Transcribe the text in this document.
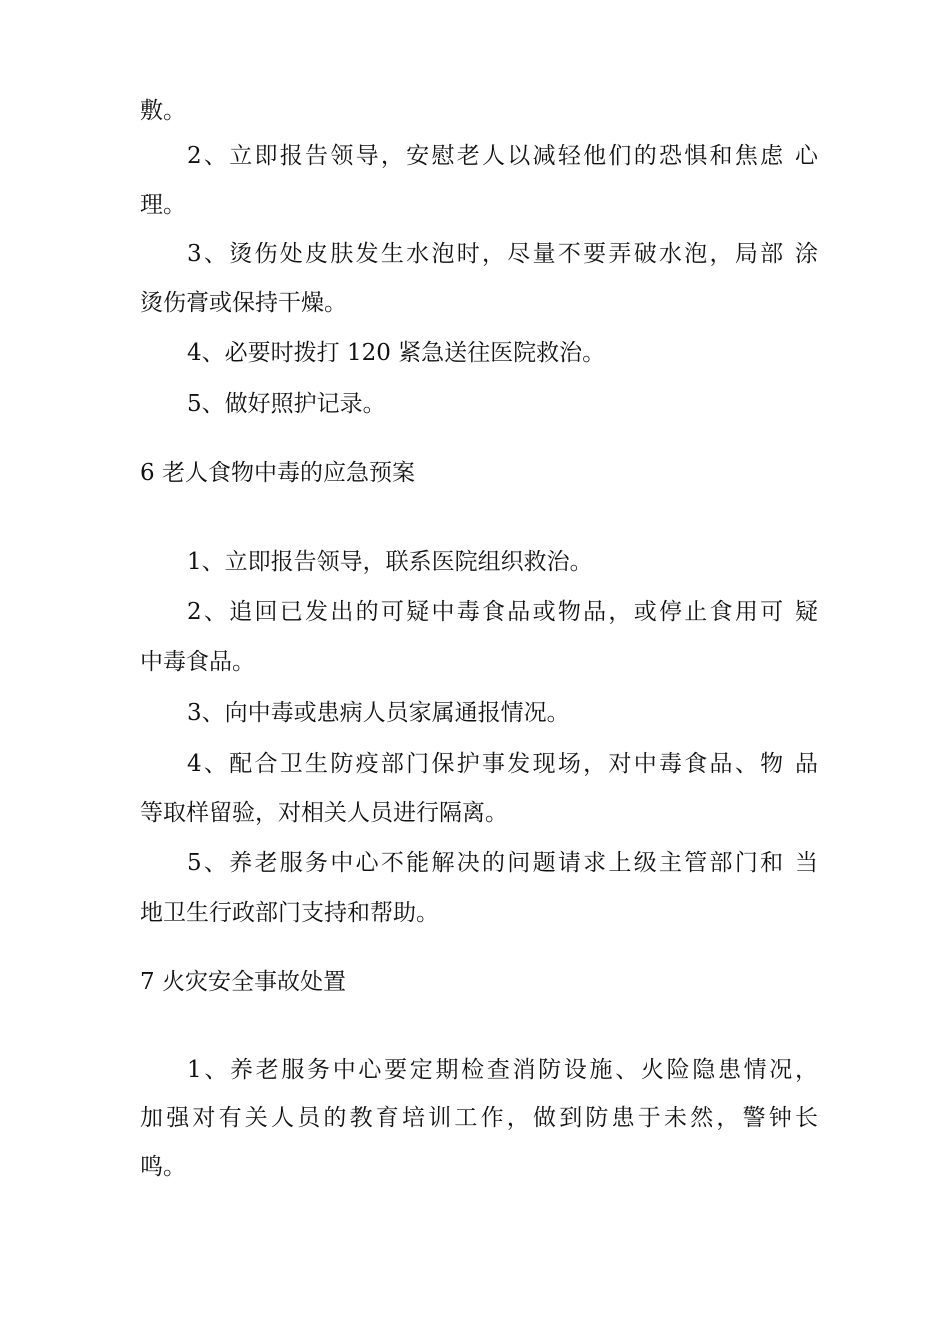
敷。
2、立即报告领导，安慰老人以减轻他们的恐惧和焦虑 心
理。
3、烫伤处皮肤发生水泡时，尽量不要弄破水泡，局部 涂
烫伤膏或保持干燥。
4、必要时拨打 120 紧急送往医院救治。
5、做好照护记录。
6 老人食物中毒的应急预案
1、立即报告领导，联系医院组织救治。
2、追回已发出的可疑中毒食品或物品，或停止食用可 疑
中毒食品。
3、向中毒或患病人员家属通报情况。
4、配合卫生防疫部门保护事发现场，对中毒食品、物 品
等取样留验，对相关人员进行隔离。
5、养老服务中心不能解决的问题请求上级主管部门和 当
地卫生行政部门支持和帮助。
7 火灾安全事故处置
1、养老服务中心要定期检查消防设施、火险隐患情况，
加强对有关人员的教育培训工作，做到防患于未然，警钟长
鸣。
